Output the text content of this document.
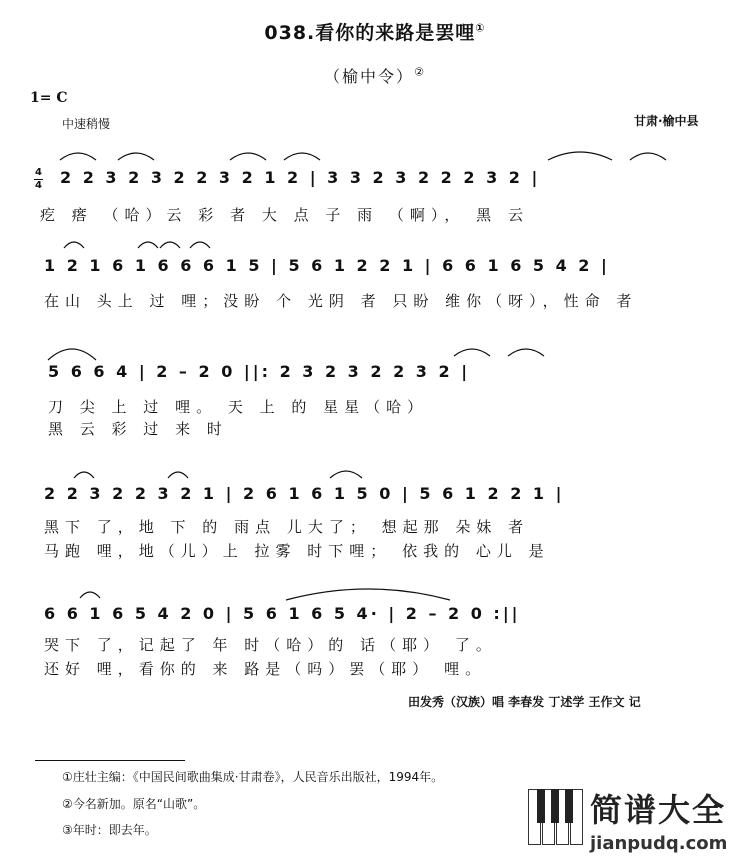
038.看你的来路是罢哩①
（榆中令）②
1= C
中速稍慢	甘肃·榆中县
4
4 2 2 3 2 3 2 2 3 2 1 2 | 3 3 2 3 2 2 2 3 2 |
疙 瘩 （哈）云 彩 者 大 点 子 雨 （啊）， 黑 云
1 2 1 6 1 6 6 6 1 5 | 5 6 1 2 2 1 | 6 6 1 6 5 4 2 |
在山 头上 过 哩；没盼 个 光阴 者 只盼 维你（呀），性命 者
5 6 6 4 | 2 – 2 0 ||: 2 3 2 3 2 2 3 2 |
刀 尖 上 过 哩。 天 上 的 星星（哈）
黑 云 彩 过 来 时
2 2 3 2 2 3 2 1 | 2 6 1 6 1 5 0 | 5 6 1 2 2 1 |
黑下 了，地 下 的 雨点 儿大了； 想起那 朵妹 者
马跑 哩，地（儿）上 拉雾 时下哩； 依我的 心儿 是
6 6 1 6 5 4 2 0 | 5 6 1 6 5 4· | 2 – 2 0 :||
哭下 了，记起了 年 时（哈）的 话（耶） 了。
还好 哩，看你的 来 路是（吗）罢（耶） 哩。
田发秀（汉族）唱 李春发 丁述学 王作文 记
①庄壮主编：《中国民间歌曲集成·甘肃卷》，人民音乐出版社，1994年。
②今名新加。原名“山歌”。
③年时：即去年。
简谱大全
jianpudq.com
